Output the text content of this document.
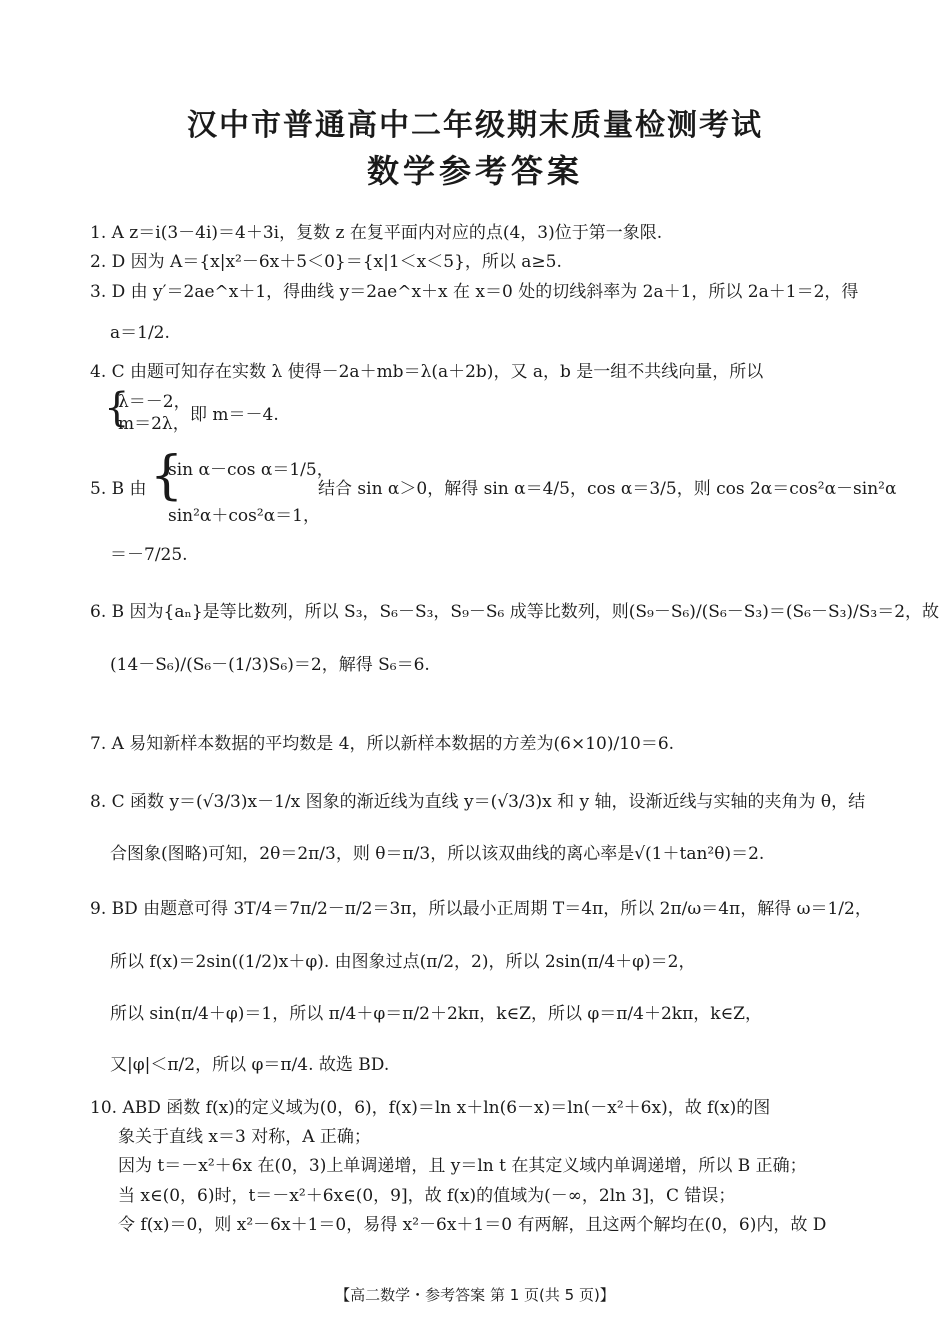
汉中市普通高中二年级期末质量检测考试
数学参考答案
1. A z＝i(3－4i)＝4＋3i，复数 z 在复平面内对应的点(4，3)位于第一象限.
2. D 因为 A＝{x|x²－6x＋5＜0}＝{x|1＜x＜5}，所以 a≥5.
3. D 由 y′＝2ae^x＋1，得曲线 y＝2ae^x＋x 在 x＝0 处的切线斜率为 2a＋1，所以 2a＋1＝2，得
a＝1/2.
4. C 由题可知存在实数 λ 使得－2a＋mb＝λ(a＋2b)，又 a，b 是一组不共线向量，所以
{
λ＝－2，
m＝2λ， 即 m＝－4.
{
sin α－cos α＝1/5，
5. B 由	结合 sin α＞0，解得 sin α＝4/5，cos α＝3/5，则 cos 2α＝cos²α－sin²α
sin²α＋cos²α＝1，
＝－7/25.
6. B 因为{aₙ}是等比数列，所以 S₃，S₆－S₃，S₉－S₆ 成等比数列，则(S₉－S₆)/(S₆－S₃)＝(S₆－S₃)/S₃＝2，故
(14－S₆)/(S₆－(1/3)S₆)＝2，解得 S₆＝6.
7. A 易知新样本数据的平均数是 4，所以新样本数据的方差为(6×10)/10＝6.
8. C 函数 y＝(√3/3)x－1/x 图象的渐近线为直线 y＝(√3/3)x 和 y 轴，设渐近线与实轴的夹角为 θ，结
合图象(图略)可知，2θ＝2π/3，则 θ＝π/3，所以该双曲线的离心率是√(1＋tan²θ)＝2.
9. BD 由题意可得 3T/4＝7π/2－π/2＝3π，所以最小正周期 T＝4π，所以 2π/ω＝4π，解得 ω＝1/2，
所以 f(x)＝2sin((1/2)x＋φ). 由图象过点(π/2，2)，所以 2sin(π/4＋φ)＝2，
所以 sin(π/4＋φ)＝1，所以 π/4＋φ＝π/2＋2kπ，k∈Z，所以 φ＝π/4＋2kπ，k∈Z，
又|φ|＜π/2，所以 φ＝π/4. 故选 BD.
10. ABD 函数 f(x)的定义域为(0，6)，f(x)＝ln x＋ln(6－x)＝ln(－x²＋6x)，故 f(x)的图
象关于直线 x＝3 对称，A 正确；
因为 t＝－x²＋6x 在(0，3)上单调递增，且 y＝ln t 在其定义域内单调递增，所以 B 正确；
当 x∈(0，6)时，t＝－x²＋6x∈(0，9]，故 f(x)的值域为(－∞，2ln 3]，C 错误；
令 f(x)＝0，则 x²－6x＋1＝0，易得 x²－6x＋1＝0 有两解，且这两个解均在(0，6)内，故 D
【高二数学・参考答案 第 1 页(共 5 页)】
